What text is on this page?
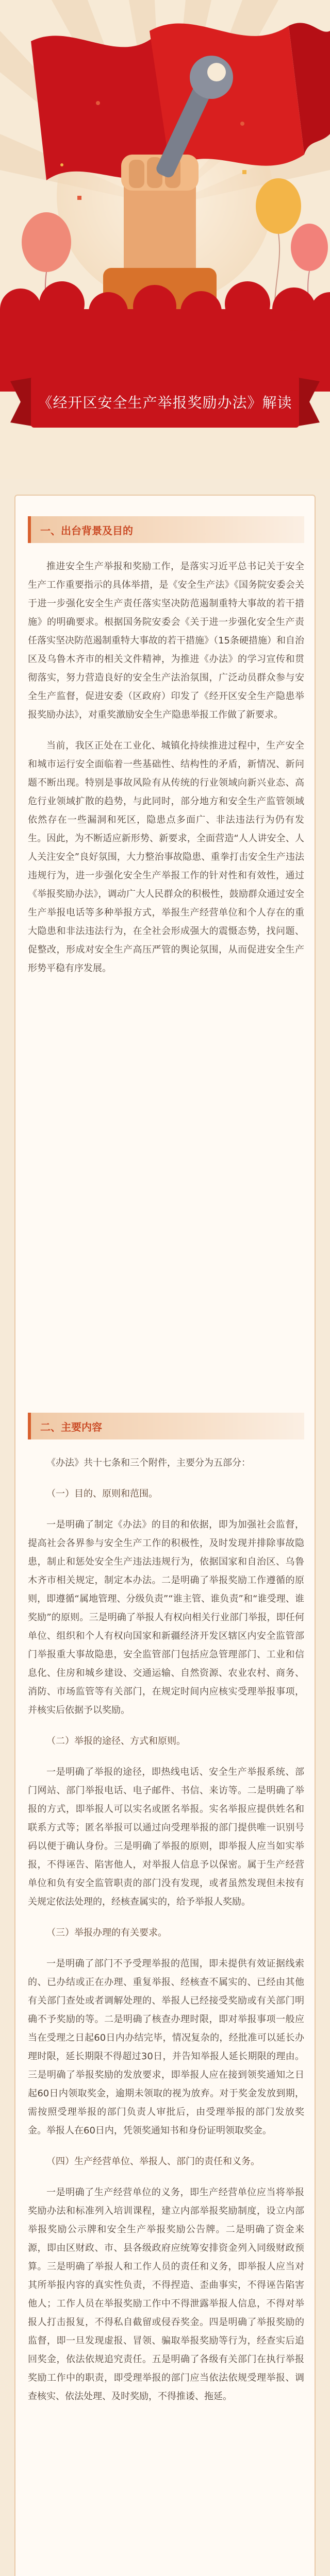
《经开区安全生产举报奖励办法》解读
一、出台背景及目的

推进安全生产举报和奖励工作，是落实习近平总书记关于安全生产工作重要指示的具体举措，是《安全生产法》《国务院安委会关于进一步强化安全生产责任落实坚决防范遏制重特大事故的若干措施》的明确要求。根据国务院安委会《关于进一步强化安全生产责任落实坚决防范遏制重特大事故的若干措施》（15条硬措施）和自治区及乌鲁木齐市的相关文件精神，为推进《办法》的学习宣传和贯彻落实，努力营造良好的安全生产法治氛围，广泛动员群众参与安全生产监督，促进安委（区政府）印发了《经开区安全生产隐患举报奖励办法》，对重奖激励安全生产隐患举报工作做了新要求。

当前，我区正处在工业化、城镇化持续推进过程中，生产安全和城市运行安全面临着一些基础性、结构性的矛盾，新情况、新问题不断出现。特别是事故风险有从传统的行业领域向新兴业态、高危行业领域扩散的趋势，与此同时，部分地方和安全生产监管领域依然存在一些漏洞和死区，隐患点多面广、非法违法行为仍有发生。因此，为不断适应新形势、新要求，全面营造“人人讲安全、人人关注安全”良好氛围，大力整治事故隐患、重拳打击安全生产违法违规行为，进一步强化安全生产举报工作的针对性和有效性，通过《举报奖励办法》，调动广大人民群众的积极性，鼓励群众通过安全生产举报电话等多种举报方式，举报生产经营单位和个人存在的重大隐患和非法违法行为，在全社会形成强大的震慑态势，找问题、促整改，形成对安全生产高压严管的舆论氛围，从而促进安全生产形势平稳有序发展。

二、主要内容

《办法》共十七条和三个附件，主要分为五部分：

（一）目的、原则和范围。

一是明确了制定《办法》的目的和依据，即为加强社会监督，提高社会各界参与安全生产工作的积极性，及时发现并排除事故隐患，制止和惩处安全生产违法违规行为，依据国家和自治区、乌鲁木齐市相关规定，制定本办法。二是明确了举报奖励工作遵循的原则，即遵循“属地管理、分级负责”“谁主管、谁负责”和“谁受理、谁奖励”的原则。三是明确了举报人有权向相关行业部门举报，即任何单位、组织和个人有权向国家和新疆经济开发区辖区内安全监管部门举报重大事故隐患，安全监管部门包括应急管理部门、工业和信息化、住房和城乡建设、交通运输、自然资源、农业农村、商务、消防、市场监管等有关部门，在规定时间内应核实受理举报事项，并核实后依据予以奖励。

（二）举报的途径、方式和原则。

一是明确了举报的途径，即热线电话、安全生产举报系统、部门网站、部门举报电话、电子邮件、书信、来访等。二是明确了举报的方式，即举报人可以实名或匿名举报。实名举报应提供姓名和联系方式等；匿名举报可以通过向受理举报的部门提供唯一识别号码以便于确认身份。三是明确了举报的原则，即举报人应当如实举报，不得诬告、陷害他人，对举报人信息予以保密。属于生产经营单位和负有安全监管职责的部门没有发现，或者虽然发现但未按有关规定依法处理的，经核查属实的，给予举报人奖励。

（三）举报办理的有关要求。

一是明确了部门不予受理举报的范围，即未提供有效证据线索的、已办结或正在办理、重复举报、经核查不属实的、已经由其他有关部门查处或者调解处理的、举报人已经接受奖励或有关部门明确不予奖励的等。二是明确了核查办理时限，即对举报事项一般应当在受理之日起60日内办结完毕，情况复杂的，经批准可以延长办理时限，延长期限不得超过30日，并告知举报人延长期限的理由。三是明确了举报奖励的发放要求，即举报人应在接到领奖通知之日起60日内领取奖金，逾期未领取的视为放弃。对于奖金发放到期，需按照受理举报的部门负责人审批后，由受理举报的部门发放奖金。举报人在60日内，凭领奖通知书和身份证明领取奖金。

（四）生产经营单位、举报人、部门的责任和义务。

一是明确了生产经营单位的义务，即生产经营单位应当将举报奖励办法和标准列入培训课程，建立内部举报奖励制度，设立内部举报奖励公示牌和安全生产举报奖励公告牌。二是明确了资金来源，即由区财政、市、县各级政府应统筹安排资金列入同级财政预算。三是明确了举报人和工作人员的责任和义务，即举报人应当对其所举报内容的真实性负责，不得捏造、歪曲事实，不得诬告陷害他人；工作人员在举报奖励工作中不得泄露举报人信息，不得对举报人打击报复，不得私自截留或侵吞奖金。四是明确了举报奖励的监督，即一旦发现虚报、冒领、骗取举报奖励等行为，经查实后追回奖金，依法依规追究责任。五是明确了各级有关部门在执行举报奖励工作中的职责，即受理举报的部门应当依法依规受理举报、调查核实、依法处理、及时奖励，不得推诿、拖延。
